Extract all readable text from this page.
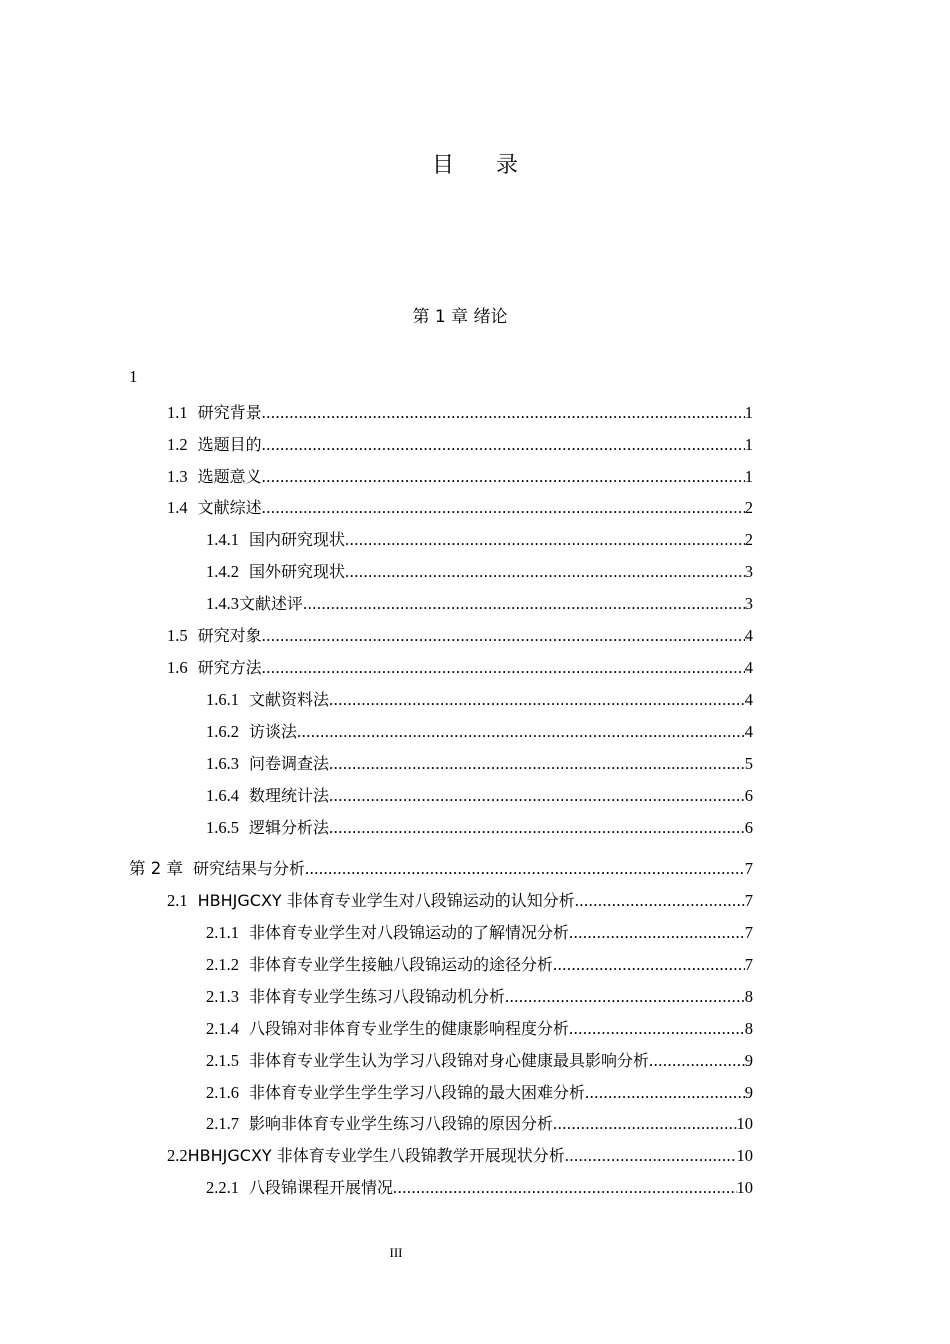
目 录
第 1 章 绪论
1
1.1 研究背景 .....	1
1.2 选题目的 .....	1
1.3 选题意义 .....	1
1.4 文献综述 .....	2
1.4.1 国内研究现状 .....	2
1.4.2 国外研究现状 .....	3
1.4.3 文献述评 .....	3
1.5 研究对象 .....	4
1.6 研究方法 .....	4
1.6.1 文献资料法 .....	4
1.6.2 访谈法 .....	4
1.6.3 问卷调查法 .....	5
1.6.4 数理统计法 .....	6
1.6.5 逻辑分析法 .....	6
第 2 章 研究结果与分析 .....	7
2.1 HBHJGCXY 非体育专业学生对八段锦运动的认知分析 .....	7
2.1.1 非体育专业学生对八段锦运动的了解情况分析 .....	7
2.1.2 非体育专业学生接触八段锦运动的途径分析 .....	7
2.1.3 非体育专业学生练习八段锦动机分析 .....	8
2.1.4 八段锦对非体育专业学生的健康影响程度分析 .....	8
2.1.5 非体育专业学生认为学习八段锦对身心健康最具影响分析 .....	9
2.1.6 非体育专业学生学生学习八段锦的最大困难分析 .....	9
2.1.7 影响非体育专业学生练习八段锦的原因分析 .....	10
2.2 HBHJGCXY 非体育专业学生八段锦教学开展现状分析 .....	10
2.2.1 八段锦课程开展情况 .....	10
III
